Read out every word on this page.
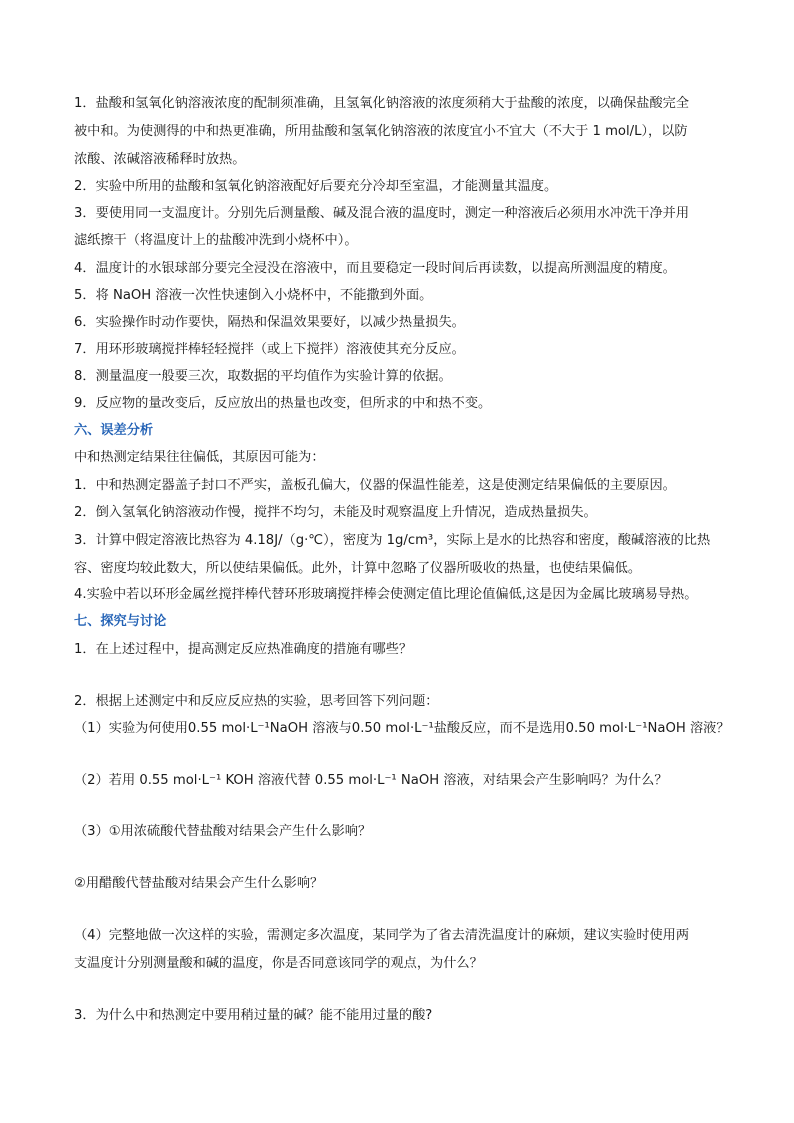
1．盐酸和氢氧化钠溶液浓度的配制须准确，且氢氧化钠溶液的浓度须稍大于盐酸的浓度，以确保盐酸完全
被中和。为使测得的中和热更准确，所用盐酸和氢氧化钠溶液的浓度宜小不宜大（不大于 1 mol/L），以防
浓酸、浓碱溶液稀释时放热。
2．实验中所用的盐酸和氢氧化钠溶液配好后要充分冷却至室温，才能测量其温度。
3．要使用同一支温度计。分别先后测量酸、碱及混合液的温度时，测定一种溶液后必须用水冲洗干净并用
滤纸擦干（将温度计上的盐酸冲洗到小烧杯中）。
4．温度计的水银球部分要完全浸没在溶液中，而且要稳定一段时间后再读数，以提高所测温度的精度。
5．将 NaOH 溶液一次性快速倒入小烧杯中，不能撒到外面。
6．实验操作时动作要快，隔热和保温效果要好，以减少热量损失。
7．用环形玻璃搅拌棒轻轻搅拌（或上下搅拌）溶液使其充分反应。
8．测量温度一般要三次，取数据的平均值作为实验计算的依据。
9．反应物的量改变后，反应放出的热量也改变，但所求的中和热不变。
六、误差分析
中和热测定结果往往偏低，其原因可能为：
1．中和热测定器盖子封口不严实，盖板孔偏大，仪器的保温性能差，这是使测定结果偏低的主要原因。
2．倒入氢氧化钠溶液动作慢，搅拌不均匀，未能及时观察温度上升情况，造成热量损失。
3．计算中假定溶液比热容为 4.18J/（g·℃），密度为 1g/cm³，实际上是水的比热容和密度，酸碱溶液的比热
容、密度均较此数大，所以使结果偏低。此外，计算中忽略了仪器所吸收的热量，也使结果偏低。
4.实验中若以环形金属丝搅拌棒代替环形玻璃搅拌棒会使测定值比理论值偏低,这是因为金属比玻璃易导热。
七、探究与讨论
1．在上述过程中，提高测定反应热准确度的措施有哪些？
2．根据上述测定中和反应反应热的实验，思考回答下列问题：
（1）实验为何使用0.55 mol·L⁻¹NaOH 溶液与0.50 mol·L⁻¹盐酸反应，而不是选用0.50 mol·L⁻¹NaOH 溶液？
（2）若用 0.55 mol·L⁻¹ KOH 溶液代替 0.55 mol·L⁻¹ NaOH 溶液，对结果会产生影响吗？为什么？
（3）①用浓硫酸代替盐酸对结果会产生什么影响？
②用醋酸代替盐酸对结果会产生什么影响？
（4）完整地做一次这样的实验，需测定多次温度，某同学为了省去清洗温度计的麻烦，建议实验时使用两
支温度计分别测量酸和碱的温度，你是否同意该同学的观点，为什么？
3．为什么中和热测定中要用稍过量的碱？能不能用过量的酸?
